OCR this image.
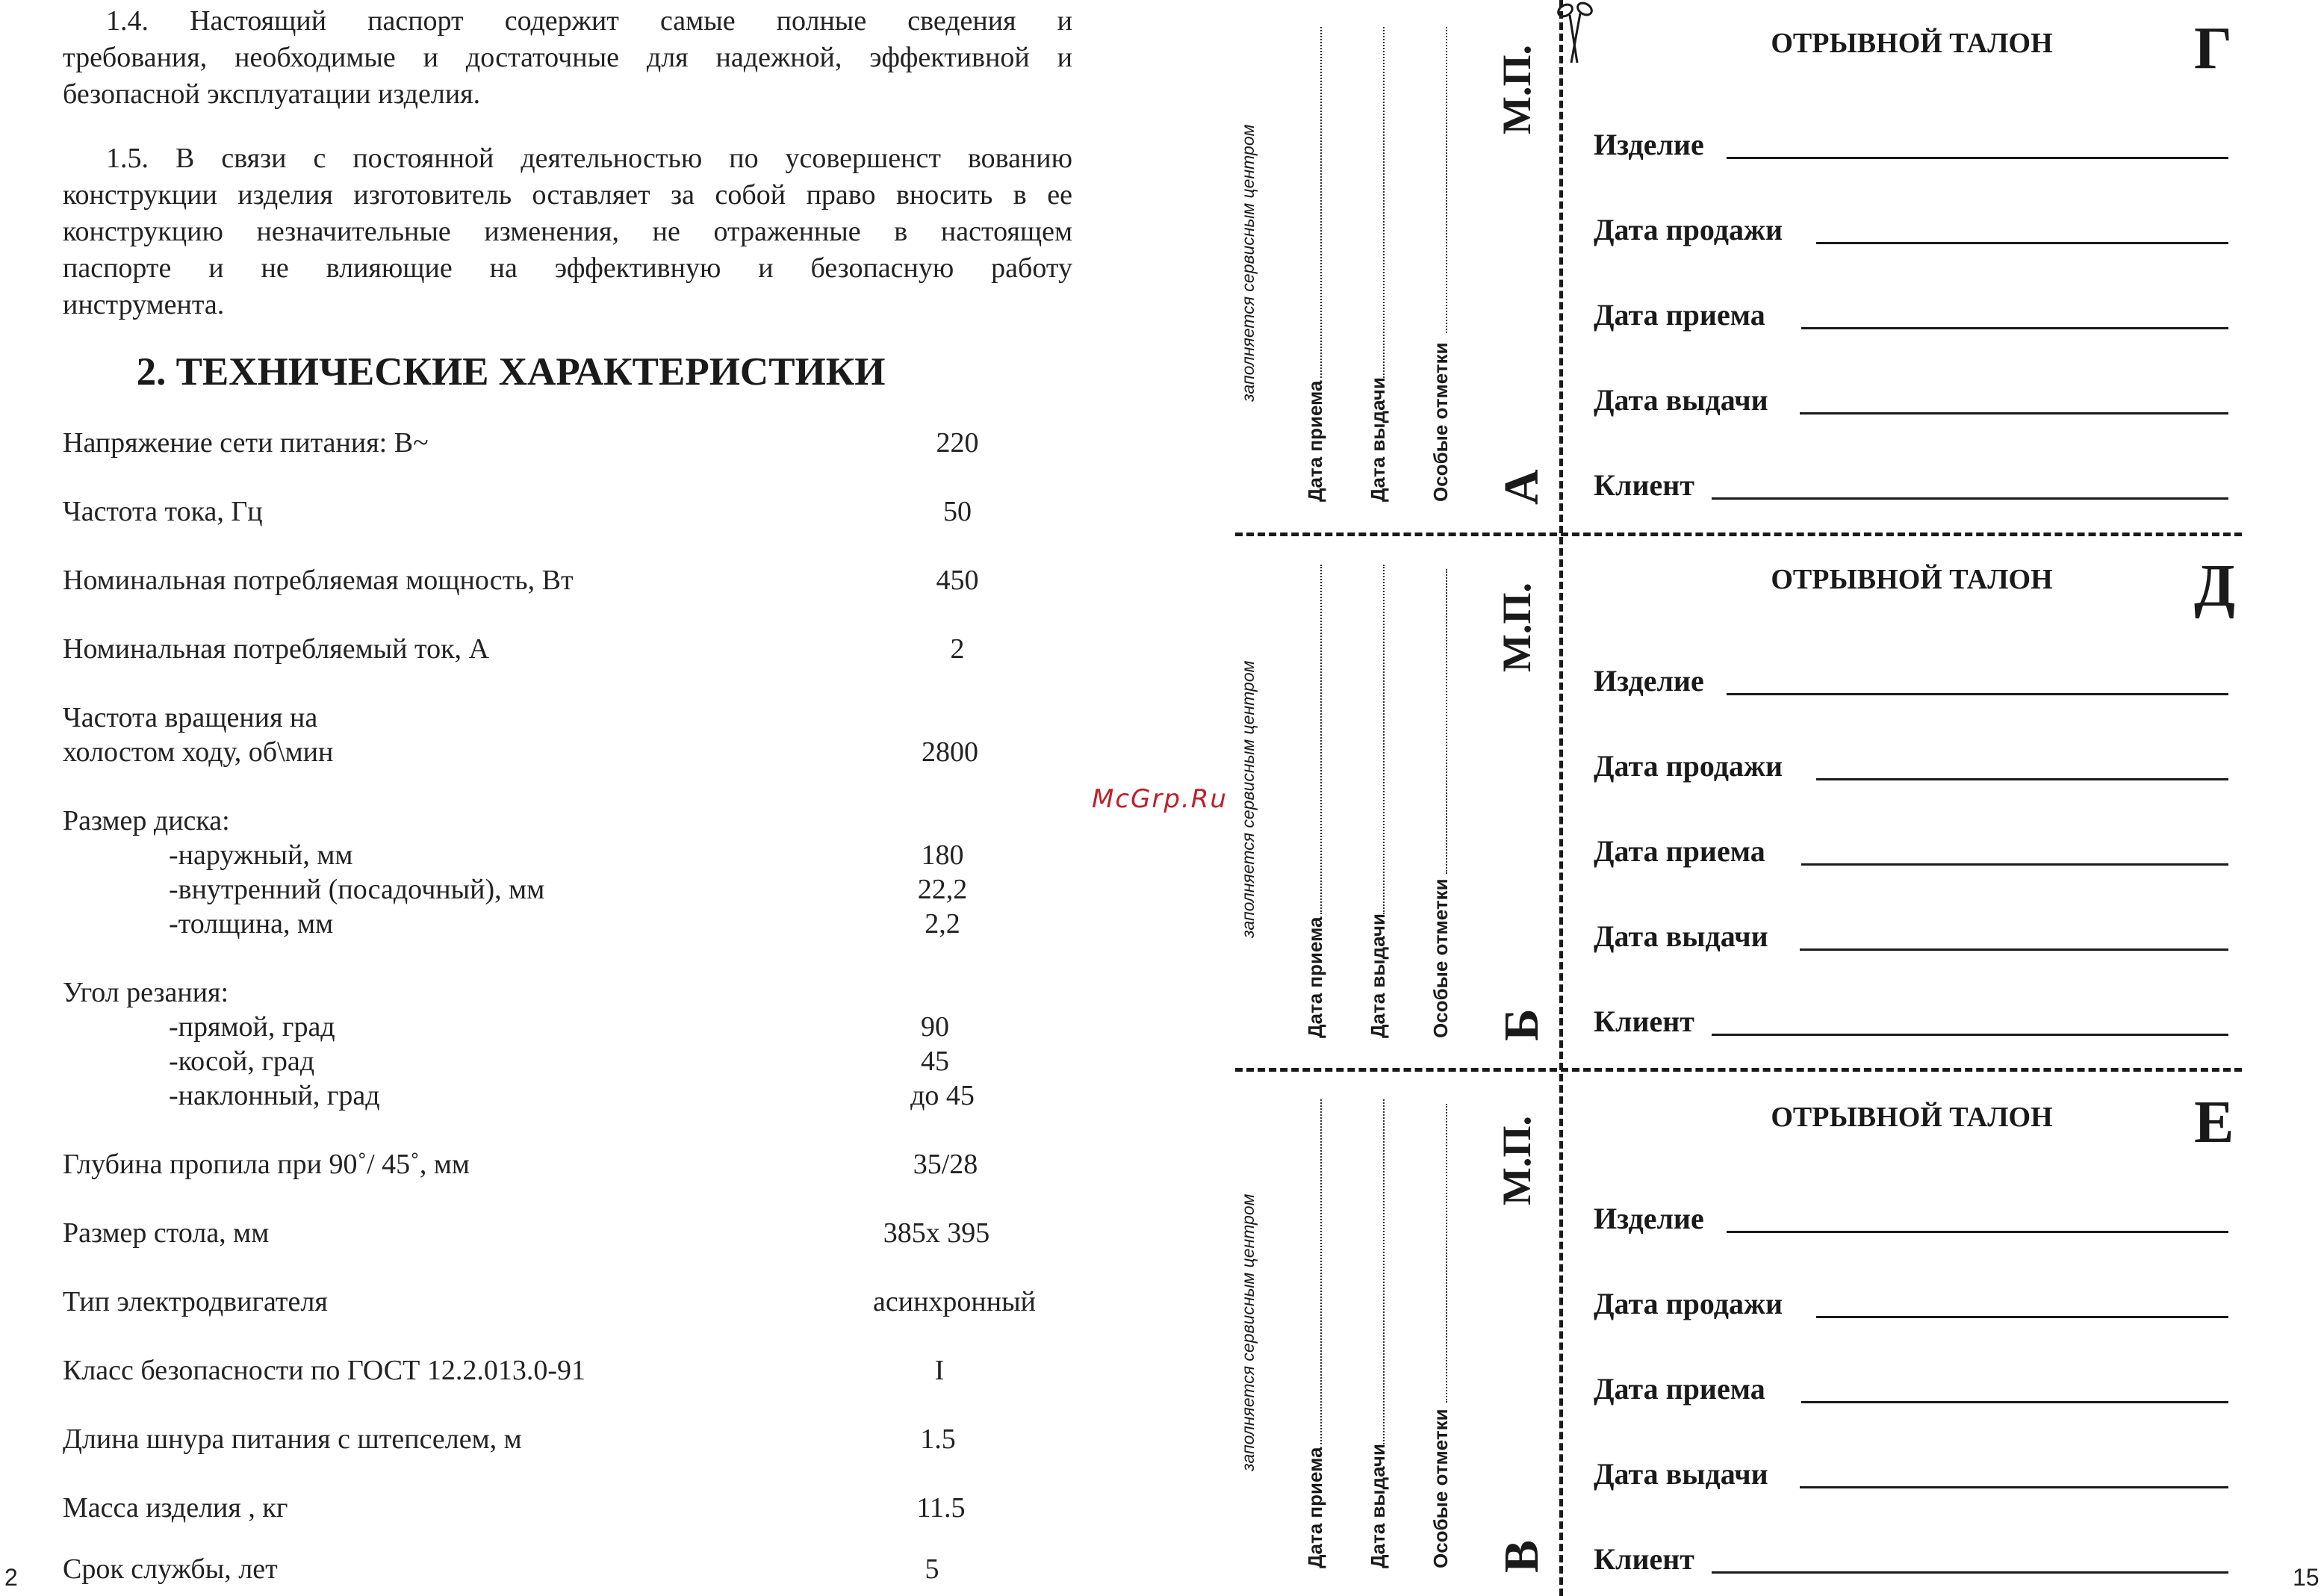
1.4. Настоящий паспорт содержит самые полные сведения и
требования, необходимые и достаточные для надежной, эффективной и
безопасной эксплуатации изделия.
1.5. В связи с постоянной деятельностью по усовершенст вованию
конструкции изделия изготовитель оставляет за собой право вносить в ее
конструкцию незначительные изменения, не отраженные в настоящем
паспорте и не влияющие на эффективную и безопасную работу
инструмента.
2. ТЕХНИЧЕСКИЕ ХАРАКТЕРИСТИКИ
Напряжение сети питания: В~	220
Частота тока, Гц	50
Номинальная потребляемая мощность, Вт	450
Номинальная потребляемый ток, А	2
Частота вращения на
холостом ходу, об\мин	2800
Размер диска:
-наружный, мм	180
-внутренний (посадочный), мм	22,2
-толщина, мм	2,2
Угол резания:
-прямой, град	90
-косой, град	45
-наклонный, град	до 45
Глубина пропила при 90˚/ 45˚, мм	35/28
Размер стола, мм	385x 395
Тип электродвигателя	асинхронный
Класс безопасности по ГОСТ 12.2.013.0-91	I
Длина шнура питания с штепселем, м	1.5
Масса изделия , кг	11.5
Срок службы, лет	5
2
McGrp.Ru
заполняется сервисным центром
Дата приема Дата выдачи Особые отметки
М.П.
А
ОТРЫВНОЙ ТАЛОН	Г
Изделие
Дата продажи
Дата приема
Дата выдачи
Клиент
заполняется сервисным центром
Дата приема Дата выдачи Особые отметки
М.П.
Б
ОТРЫВНОЙ ТАЛОН	Д
Изделие
Дата продажи
Дата приема
Дата выдачи
Клиент
заполняется сервисным центром
Дата приема Дата выдачи Особые отметки
М.П.
В
ОТРЫВНОЙ ТАЛОН	Е
Изделие
Дата продажи
Дата приема
Дата выдачи
Клиент
15
